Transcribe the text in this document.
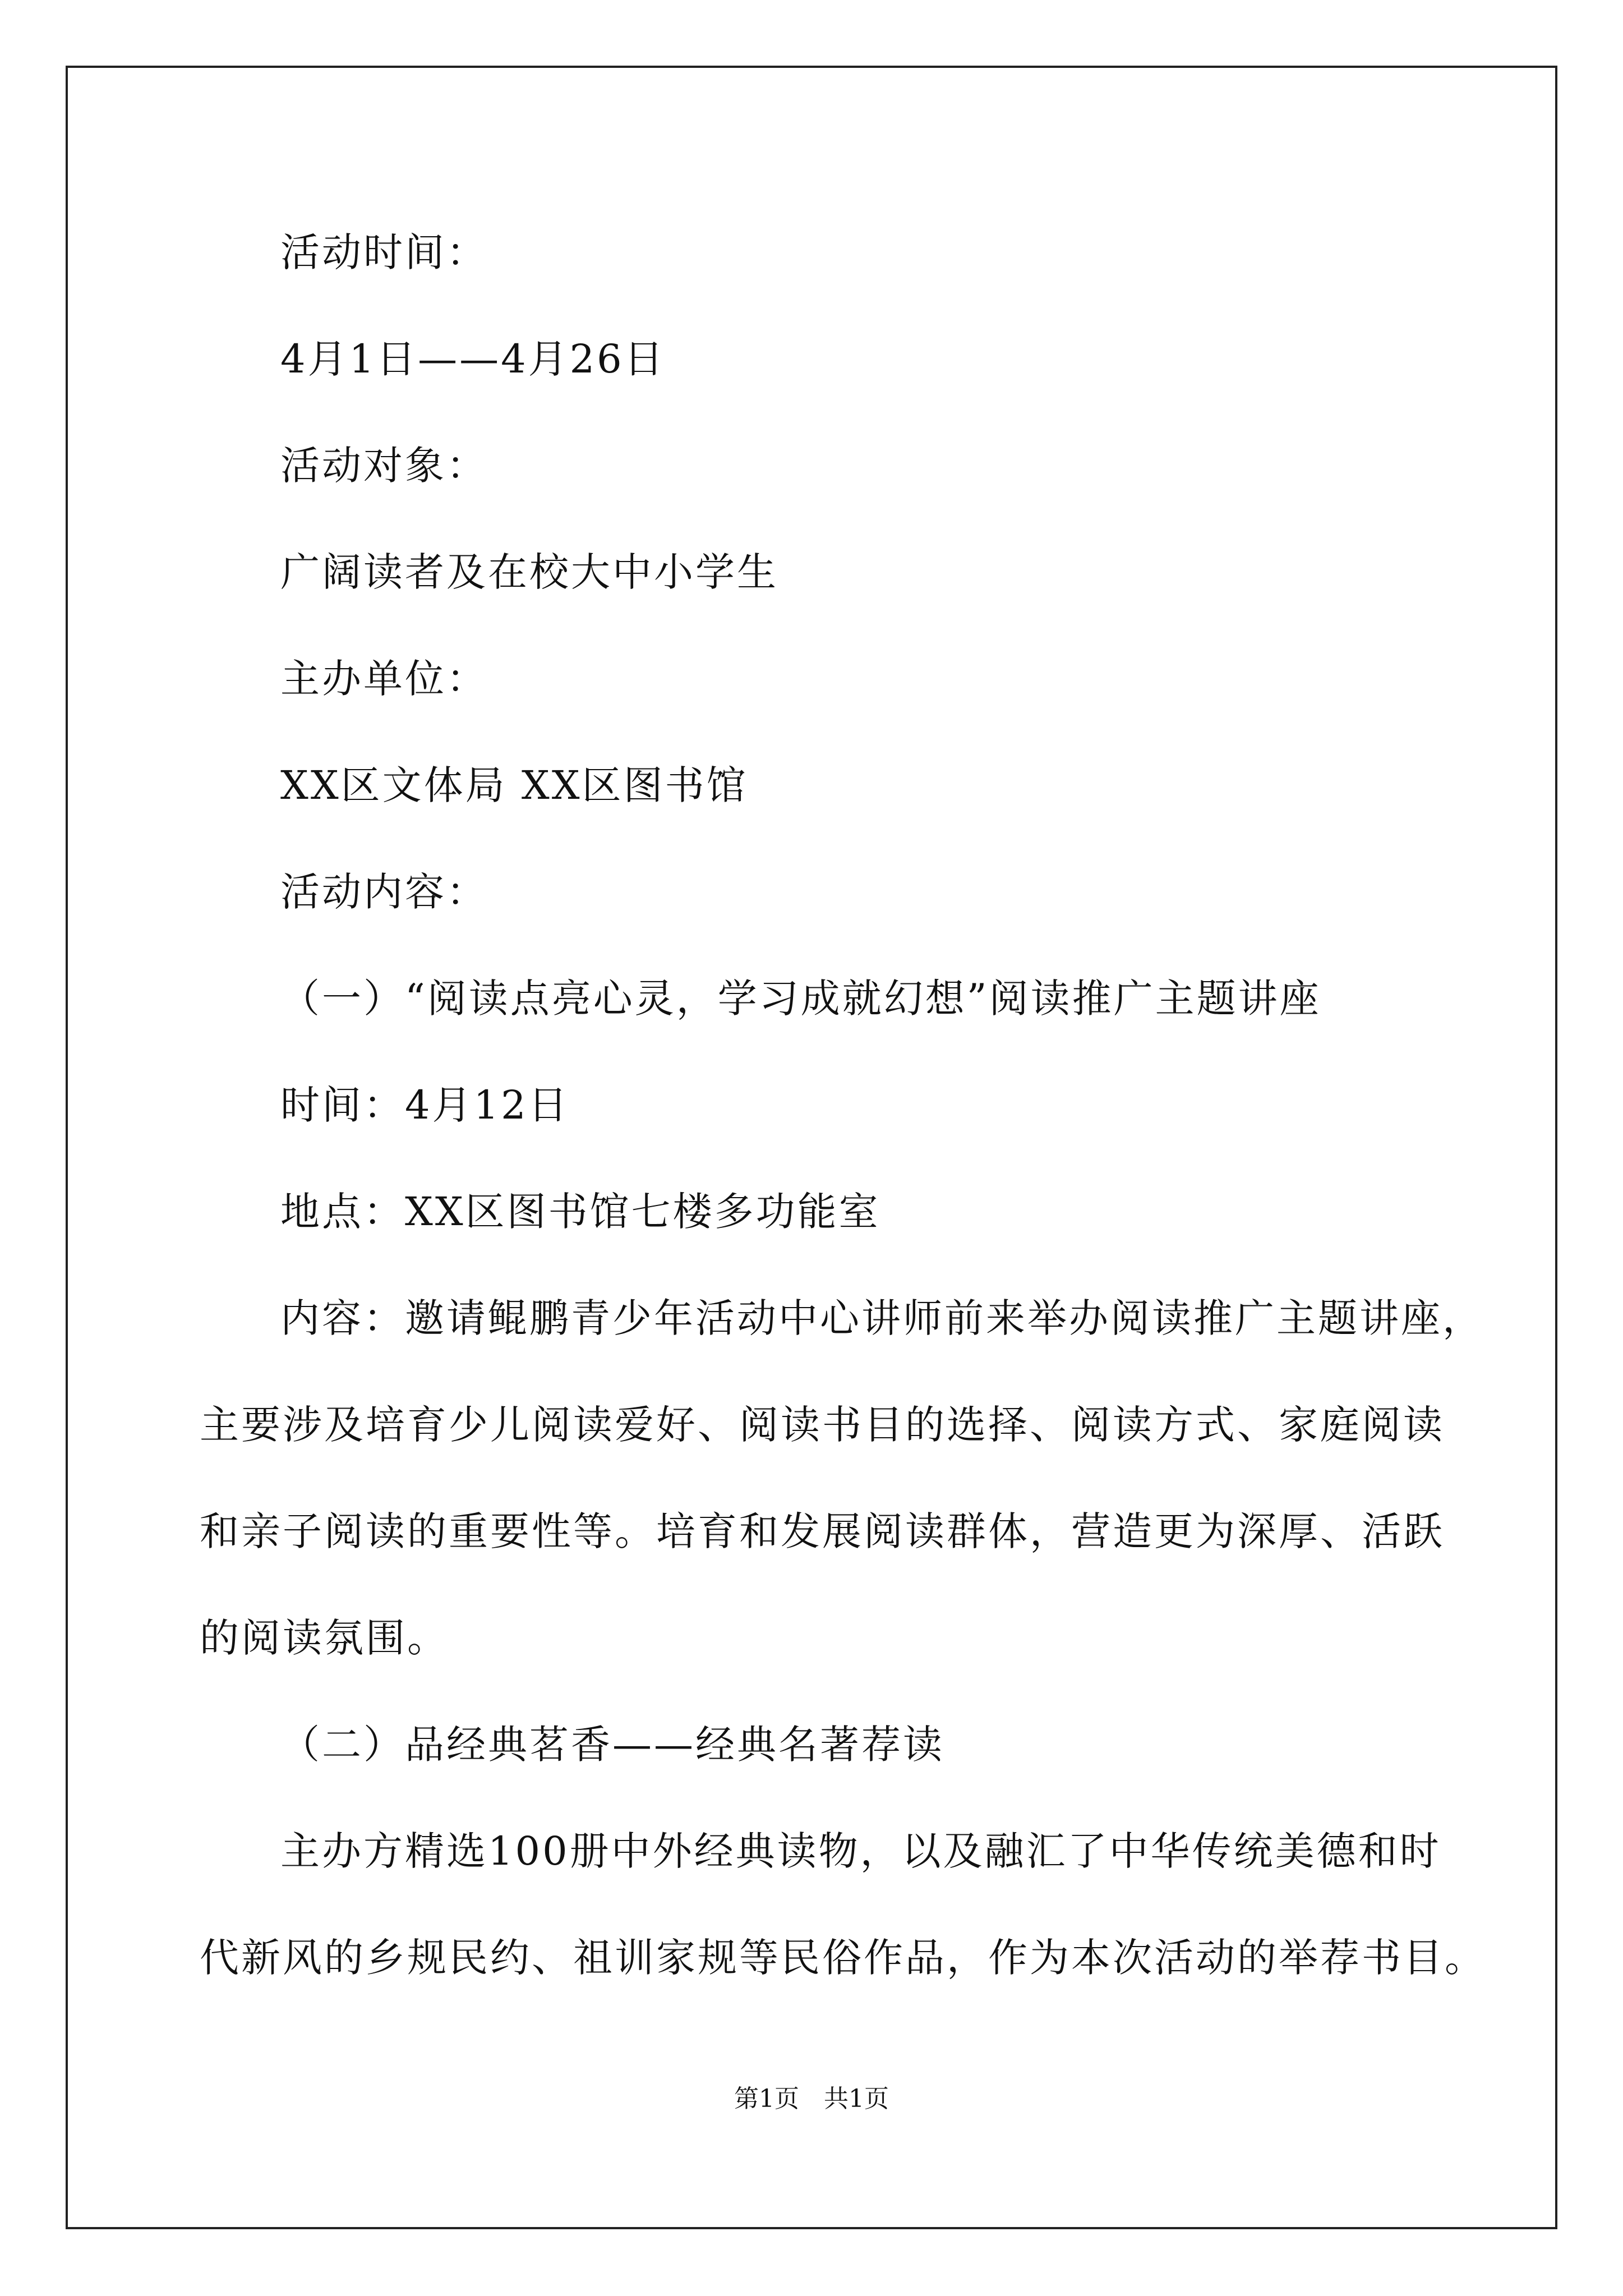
活动时间：
4月1日——4月26日
活动对象：
广阔读者及在校大中小学生
主办单位：
XX区文体局 XX区图书馆
活动内容：
（一）“阅读点亮心灵，学习成就幻想”阅读推广主题讲座
时间：4月12日
地点：XX区图书馆七楼多功能室
内容：邀请鲲鹏青少年活动中心讲师前来举办阅读推广主题讲座，
主要涉及培育少儿阅读爱好、阅读书目的选择、阅读方式、家庭阅读
和亲子阅读的重要性等。培育和发展阅读群体，营造更为深厚、活跃
的阅读氛围。
（二）品经典茗香——经典名著荐读
主办方精选100册中外经典读物，以及融汇了中华传统美德和时
代新风的乡规民约、祖训家规等民俗作品，作为本次活动的举荐书目。
第1页 共1页
